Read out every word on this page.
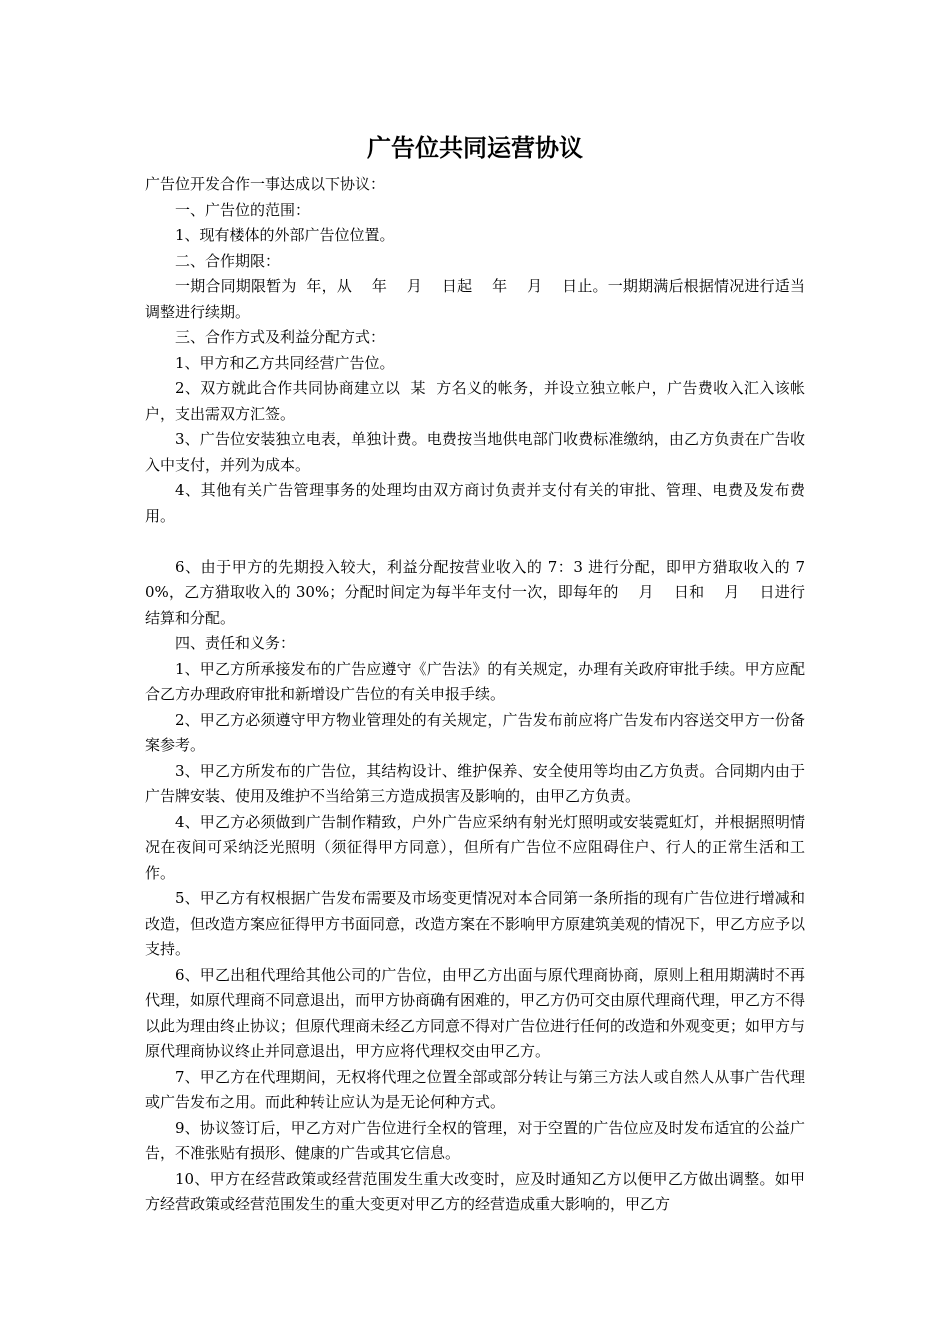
广告位共同运营协议

广告位开发合作一事达成以下协议：

一、广告位的范围：

1、现有楼体的外部广告位位置。

二、合作期限：

一期合同期限暂为  年，从    年    月    日起    年    月    日止。一期期满后根据情况进行适当调整进行续期。

三、合作方式及利益分配方式：

1、甲方和乙方共同经营广告位。

2、双方就此合作共同协商建立以  某  方名义的帐务，并设立独立帐户，广告费收入汇入该帐户，支出需双方汇签。

3、广告位安装独立电表，单独计费。电费按当地供电部门收费标准缴纳，由乙方负责在广告收入中支付，并列为成本。

4、其他有关广告管理事务的处理均由双方商讨负责并支付有关的审批、管理、电费及发布费用。

6、由于甲方的先期投入较大，利益分配按营业收入的 7：3 进行分配，即甲方猎取收入的 70%，乙方猎取收入的 30%；分配时间定为每半年支付一次，即每年的    月    日和    月    日进行结算和分配。

四、责任和义务：

1、甲乙方所承接发布的广告应遵守《广告法》的有关规定，办理有关政府审批手续。甲方应配合乙方办理政府审批和新增设广告位的有关申报手续。

2、甲乙方必须遵守甲方物业管理处的有关规定，广告发布前应将广告发布内容送交甲方一份备案参考。

3、甲乙方所发布的广告位，其结构设计、维护保养、安全使用等均由乙方负责。合同期内由于广告牌安装、使用及维护不当给第三方造成损害及影响的，由甲乙方负责。

4、甲乙方必须做到广告制作精致，户外广告应采纳有射光灯照明或安装霓虹灯，并根据照明情况在夜间可采纳泛光照明（须征得甲方同意），但所有广告位不应阻碍住户、行人的正常生活和工作。

5、甲乙方有权根据广告发布需要及市场变更情况对本合同第一条所指的现有广告位进行增减和改造，但改造方案应征得甲方书面同意，改造方案在不影响甲方原建筑美观的情况下，甲乙方应予以支持。

6、甲乙出租代理给其他公司的广告位，由甲乙方出面与原代理商协商，原则上租用期满时不再代理，如原代理商不同意退出，而甲方协商确有困难的，甲乙方仍可交由原代理商代理，甲乙方不得以此为理由终止协议；但原代理商未经乙方同意不得对广告位进行任何的改造和外观变更；如甲方与原代理商协议终止并同意退出，甲方应将代理权交由甲乙方。

7、甲乙方在代理期间，无权将代理之位置全部或部分转让与第三方法人或自然人从事广告代理或广告发布之用。而此种转让应认为是无论何种方式。

9、协议签订后，甲乙方对广告位进行全权的管理，对于空置的广告位应及时发布适宜的公益广告，不准张贴有损形、健康的广告或其它信息。

10、甲方在经营政策或经营范围发生重大改变时，应及时通知乙方以便甲乙方做出调整。如甲方经营政策或经营范围发生的重大变更对甲乙方的经营造成重大影响的，甲乙方
